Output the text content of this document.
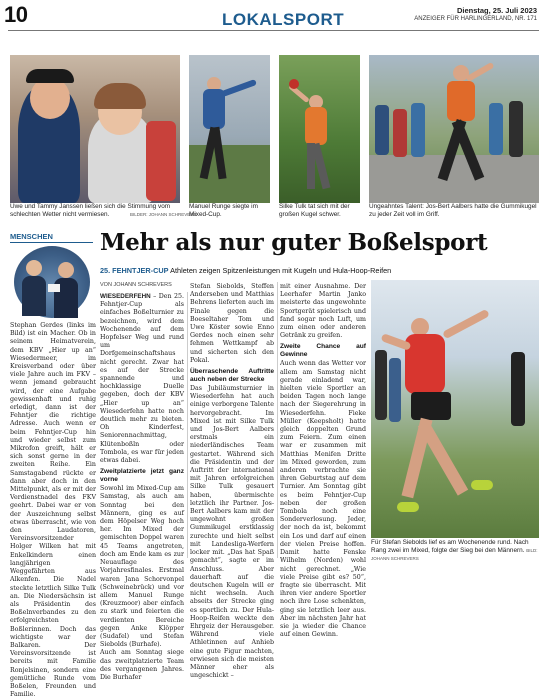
10	LOKALSPORT	Dienstag, 25. Juli 2023
ANZEIGER FÜR HARLINGERLAND, NR. 171
Uwe und Tammy Janssen ließen sich die Stimmung vom schlechten Wetter nicht vermiesen.	BILDER: JOHANN SCHREVERS
Manuel Runge siegte im Mixed-Cup.
Silke Tulk tat sich mit der großen Kugel schwer.
Ungeahntes Talent: Jos-Bert Aalbers hatte die Gummikugel zu jeder Zeit voll im Griff.
MENSCHEN
Stephan Gerdes (links im Bild) ist ein Macher. Ob in seinem Heimatverein, dem KBV „Hier up an“ Wiesedermeer, im Kreisverband oder über viele Jahre auch im FKV – wenn jemand gebraucht wird, der eine Aufgabe gewissenhaft und ruhig erledigt, dann ist der Fehntjer die richtige Adresse. Auch wenn er beim Fehntjer-Cup hin und wieder selbst zum Mikrofon greift, hält er sich sonst gerne in der zweiten Reihe. Ein Samstagabend rückte er dann aber doch in den Mittelpunkt, als er mit der Verdienstnadel des FKV geehrt. Dabei war er von der Auszeichnung selbst etwas überrascht, wie von den Laudatoren, Vereinsvorsitzender Holger Wilken hat mit Enkelkindern einen langjährigen Weggefährten aus Alkenfen. Die Nadel steckte letztlich Silke Tulk an. Die Niedersächsin ist als Präsidentin des Boßelnverbandes zu den erfolgreichsten Boßlerinnen. Doch das wichtigste war der Balkaren. Der Vereinsvorsitzende ist bereits mit Familie Ronjelsinen, sondern eine gemütliche Runde vom Boßelen, Freunden und Familie.
Mehr als nur guter Boßelsport
25. FEHNTJER-CUP Athleten zeigen Spitzenleistungen mit Kugeln und Hula-Hoop-Reifen
VON JOHANN SCHREVERS

WIESEDERFEHN – Den 25. Fehntjer-Cup als einfaches Boßelturnier zu bezeichnen, wird dem Wochenende auf dem Hopfelser Weg und rund um Dorfgemeinschaftshaus nicht gerecht. Zwar hat es auf der Strecke spannende und hochklassige Duelle gegeben, doch der KBV „Hier up an“ Wiesederfehn hatte noch deutlich mehr zu bieten. Oh Kinderfest, Seniorennachmittag, Klütenboßln oder Tombola, es war für jeden etwas dabei.

Zweitplatzierte jetzt ganz vorne

Sowohl im Mixed-Cup am Samstag, als auch am Sonntag bei den Männern, ging es auf dem Höpelser Weg hoch her. Im Mixed der gemischten Doppel waren 45 Teams angetreten, doch am Ende kam es zur Neuauflage des Vorjahresfinales. Erstmal waren Jana Schorvonpel (Schweinebrück) und vor allem Manuel Runge (Kreuzmoor) aber einfach zu stark und feierten die verdienten Bereiche gegen Anke Klöpper (Sudafel) und Stefan Siebolds (Burhafe).

Auch am Sonntag siege das zweitplatzierte Team des vergangenen Jahres. Die Burhafer

Stefan Siebolds, Steffen Anderseben und Matthias Behrens lieferten auch im Finale gegen die Boeseltaher Tom und Uwe Köster sowie Enno Gerdes noch einen sehr fehmen Wettkampf ab und sicherten sich den Pokal.

Überraschende Auftritte auch neben der Strecke

Das Jubiläumsturnier in Wiesederfehn hat auch einige verborgene Talente hervorgebracht. Im Mixed ist mit Silke Tulk und Jos-Bert Aalbers erstmals ein niederländisches Team gestartet. Während sich die Präsidentin und der Auftritt der international mit Jahren erfolgreichen Silke Tulk gesauert haben, übermischte letztlich ihr Partner. Jos-Bert Aalbers kam mit der ungewohnt großen Gummikugel erstklassig zurechte und hielt selbst mit Landesliga-Werfern locker mit. „Das hat Spaß gemacht“, sagte er im Anschluss. Aber dauerhaft auf die deutschen Kugeln will er nicht wechseln. Auch abseits der Strecke ging es sportlich zu. Der Hula-Hoop-Reifen weckte den Ehrgeiz der Herausgeber. Während viele Athletinnen auf Anhieb eine gute Figur machten, erwiesen sich die meisten Männer eher als ungeschickt –

mit einer Ausnahme. Der Leerhafer Martin Janko meisterte das ungewohnte Sportgerät spielerisch und fand sogar noch Luft, um zum einen oder anderen Getränk zu greifen.

Zweite Chance auf Gewinne

Auch wenn das Wetter vor allem am Samstag nicht gerade einladend war, hielten viele Sportler an beiden Tagen noch lange nach der Siegerehrung in Wiesederfehn. Fieke Müller (Keepsholt) hatte gleich doppelten Grund zum Feiern. Zum einen war er zusammen mit Matthias Menifen Dritte im Mixed geworden, zum anderen verbrachte sie ihren Geburtstag auf dem Turnier. Am Sonntag gibt es beim Fehntjer-Cup neben der großen Tombola noch eine Sonderverlosung. Jeder, der noch da ist, bekommt ein Los und darf auf einen der vielen Preise hoffen. Damit hatte Fenske Wilhelm (Norden) wohl nicht gerechnet. „Wie viele Preise gibt es? 50“, fragte sie überrascht. Mit ihren vier andere Sportler noch ihre Lose schenkten, ging sie letztlich leer aus. Aber im nächsten Jahr hat sie ja wieder die Chance auf einen Gewinn.

Für Stefan Siebolds lief es am Wochenende rund. Nach Rang zwei im Mixed, folgte der Sieg bei den Männern. BILD: JOHANN SCHREVERS
